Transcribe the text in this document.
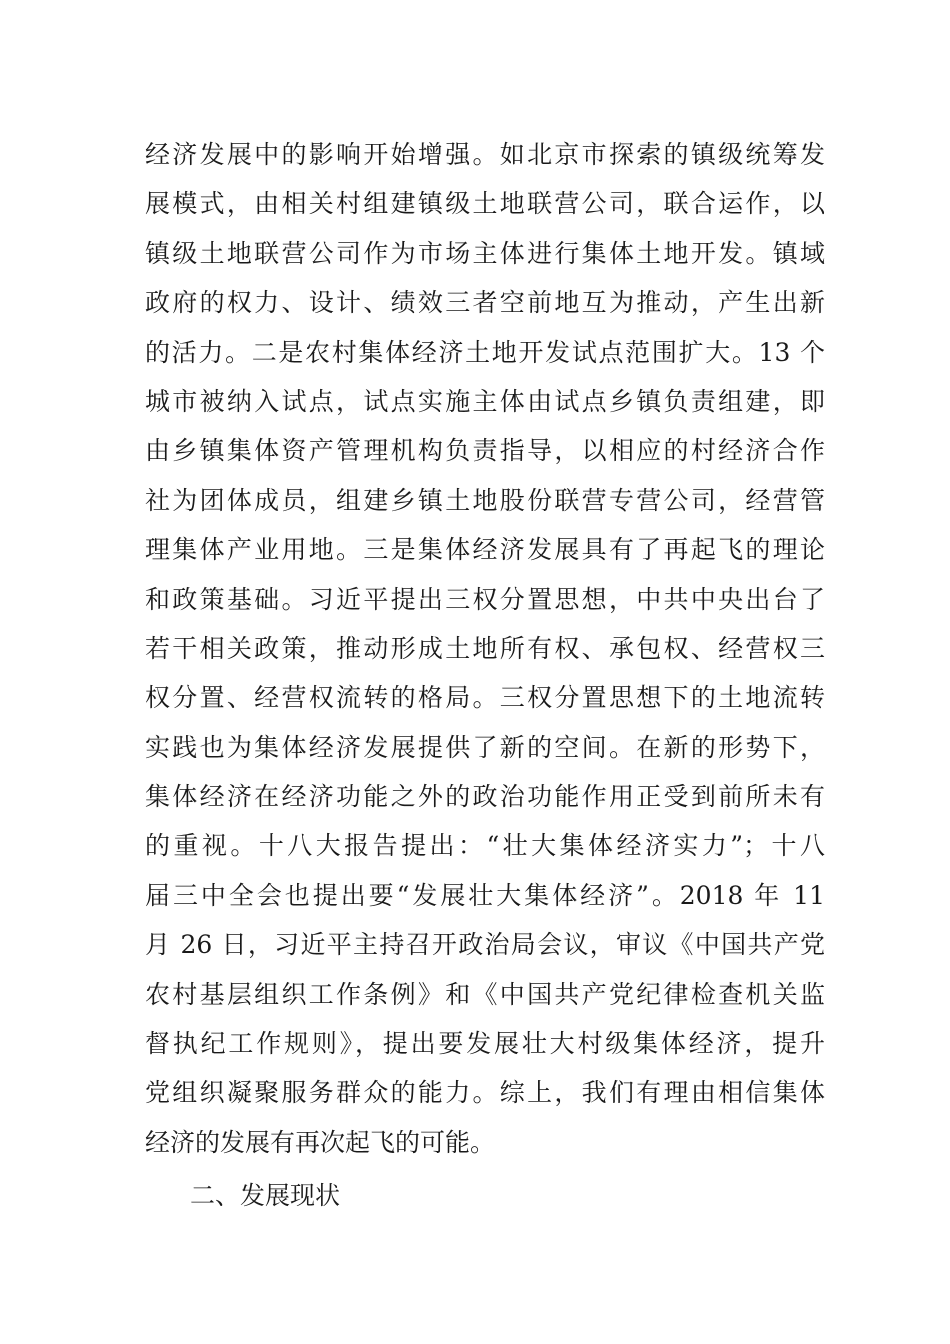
经济发展中的影响开始增强。如北京市探索的镇级统筹发
展模式，由相关村组建镇级土地联营公司，联合运作，以
镇级土地联营公司作为市场主体进行集体土地开发。镇域
政府的权力、设计、绩效三者空前地互为推动，产生出新
的活力。二是农村集体经济土地开发试点范围扩大。13 个
城市被纳入试点，试点实施主体由试点乡镇负责组建，即
由乡镇集体资产管理机构负责指导，以相应的村经济合作
社为团体成员，组建乡镇土地股份联营专营公司，经营管
理集体产业用地。三是集体经济发展具有了再起飞的理论
和政策基础。习近平提出三权分置思想，中共中央出台了
若干相关政策，推动形成土地所有权、承包权、经营权三
权分置、经营权流转的格局。三权分置思想下的土地流转
实践也为集体经济发展提供了新的空间。在新的形势下，
集体经济在经济功能之外的政治功能作用正受到前所未有
的重视。十八大报告提出：“壮大集体经济实力”；十八
届三中全会也提出要“发展壮大集体经济”。2018 年 11
月 26 日，习近平主持召开政治局会议，审议《中国共产党
农村基层组织工作条例》和《中国共产党纪律检查机关监
督执纪工作规则》，提出要发展壮大村级集体经济，提升
党组织凝聚服务群众的能力。综上，我们有理由相信集体
经济的发展有再次起飞的可能。
二、发展现状
